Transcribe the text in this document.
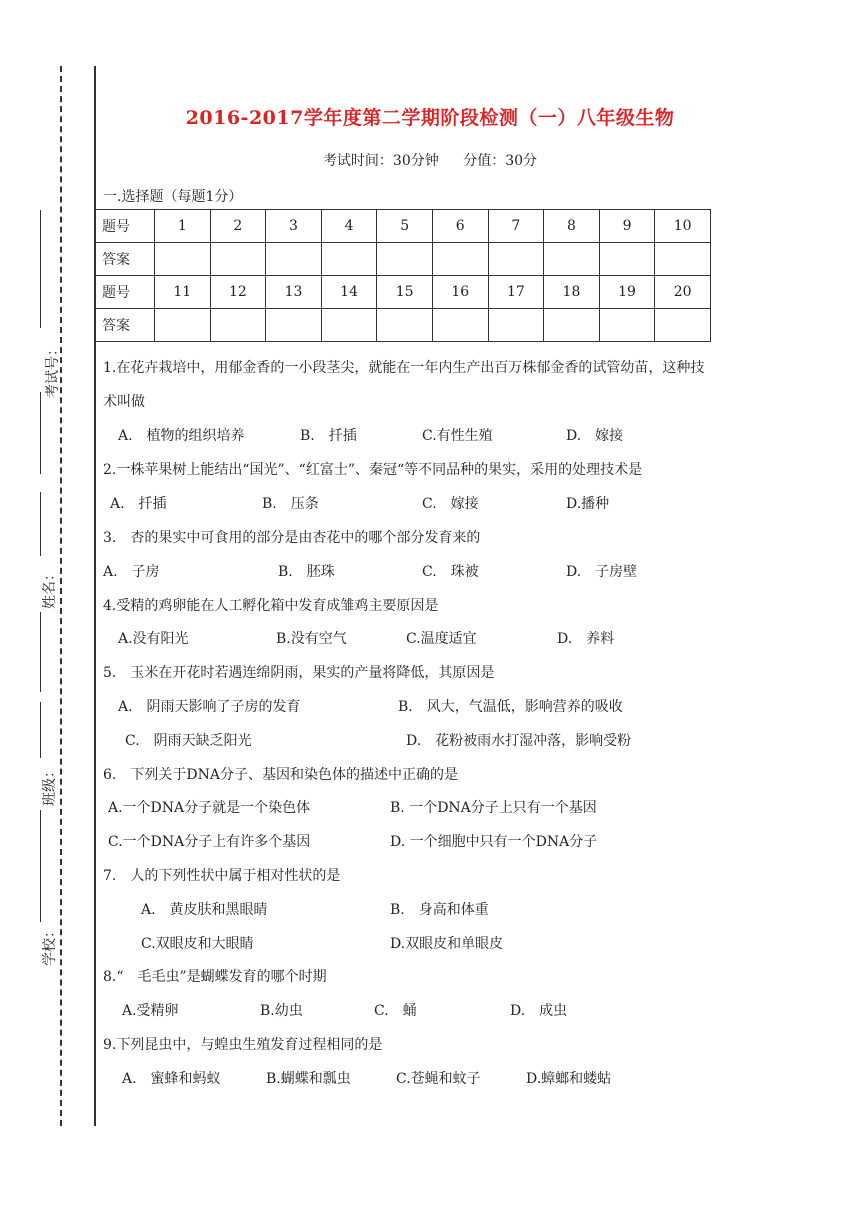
考试号：
姓名：
班级：
学校：
2016-2017学年度第二学期阶段检测（一）八年级生物
考试时间：30分钟 分值：30分
一.选择题（每题1分）
题号	1	2	3	4	5	6	7	8	9	10
答案										
题号	11	12	13	14	15	16	17	18	19	20
答案										
1.在花卉栽培中，用郁金香的一小段茎尖，就能在一年内生产出百万株郁金香的试管幼苗，这种技
术叫做
A.　植物的组织培养	B.　扦插	C.有性生殖	D.　嫁接
2.一株苹果树上能结出“国光”、“红富士”、秦冠“等不同品种的果实，采用的处理技术是
A.　扦插	B.　压条	C.　嫁接	D.播种
3.　杏的果实中可食用的部分是由杏花中的哪个部分发育来的
A.　子房	B.　胚珠	C.　珠被	D.　子房壁
4.受精的鸡卵能在人工孵化箱中发育成雏鸡主要原因是
A.没有阳光	B.没有空气	C.温度适宜	D.　养料
5.　玉米在开花时若遇连绵阴雨，果实的产量将降低，其原因是
A.　阴雨天影响了子房的发育	B.　风大，气温低，影响营养的吸收
C.　阴雨天缺乏阳光	D.　花粉被雨水打湿冲落，影响受粉
6.　下列关于DNA分子、基因和染色体的描述中正确的是
A.一个DNA分子就是一个染色体	B. 一个DNA分子上只有一个基因
C.一个DNA分子上有许多个基因	D. 一个细胞中只有一个DNA分子
7.　人的下列性状中属于相对性状的是
A.　黄皮肤和黑眼睛	B.　身高和体重
C.双眼皮和大眼睛	D.双眼皮和单眼皮
8.“　毛毛虫”是蝴蝶发育的哪个时期
A.受精卵	B.幼虫	C.　蛹	D.　成虫
9.下列昆虫中，与蝗虫生殖发育过程相同的是
A.　蜜蜂和蚂蚁	B.蝴蝶和瓢虫	C.苍蝇和蚊子	D.蟑螂和蝼蛄
